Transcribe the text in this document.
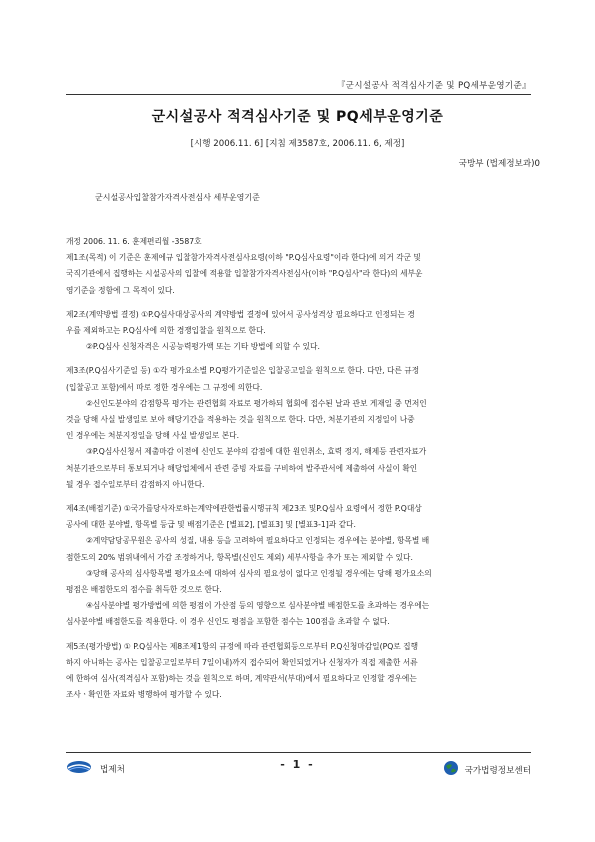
『군시설공사 적격심사기준 및 PQ세부운영기준』
군시설공사 적격심사기준 및 PQ세부운영기준
[시행 2006.11. 6] [지침 제3587호, 2006.11. 6, 제정]
국방부 (법제정보과)0
군시설공사입찰참가자격사전심사 세부운영기준

개정 2006. 11. 6. 훈제편리월 -3587호

제1조(목적) 이 기준은 훈제에규 입찰참가자격사전심사요령(이하 "P.Q심사요령"이라 한다)에 의거 각군 및

국직기관에서 집행하는 시설공사의 입찰에 적용할 입찰참가자격사전심사(이하 "P.Q심사"라 한다)의 세부운

영기준을 정함에 그 목적이 있다.

제2조(계약방법 결정) ①P.Q심사대상공사의 계약방법 결정에 있어서 공사성격상 필요하다고 인정되는 경

우를 제외하고는 P.Q심사에 의한 경쟁입찰을 원칙으로 한다.

②P.Q심사 신청자격은 시공능력평가액 또는 기타 방법에 의할 수 있다.

제3조(P.Q심사기준일 등) ①각 평가요소별 P.Q평가기준일은 입찰공고일을 원칙으로 한다. 다만, 다른 규정

(입찰공고 포함)에서 따로 정한 경우에는 그 규정에 의한다.

②신인도분야의 감점항목 평가는 관련협회 자료로 평가하되 협회에 접수된 날과 관보 게재일 중 먼저인

것을 당해 사실 발생일로 보아 해당기간을 적용하는 것을 원칙으로 한다. 다만, 처분기관의 지정일이 나중

인 경우에는 처분지정일을 당해 사실 발생일로 본다.

③P.Q심사신청서 제출마감 이전에 신인도 분야의 감점에 대한 원인취소, 효력 정지, 해제등 관련자료가

처분기관으로부터 통보되거나 해당업체에서 관련 증빙 자료를 구비하여 발주관서에 제출하여 사실이 확인

될 경우 접수일로부터 감점하지 아니한다.

제4조(배점기준) ①국가를당사자로하는계약에관한법률시행규칙 제23조 및P.Q심사 요령에서 정한 P.Q대상

공사에 대한 분야별, 항목별 등급 및 배점기준은 [별표2], [별표3] 및 [별표3-1]과 같다.

②계약담당공무원은 공사의 성질, 내용 등을 고려하여 필요하다고 인정되는 경우에는 분야별, 항목별 배

점한도의 20% 범위내에서 가감 조정하거나, 항목별(신인도 제외) 세부사항을 추가 또는 제외할 수 있다.

③당해 공사의 심사항목별 평가요소에 대하여 심사의 필요성이 없다고 인정될 경우에는 당해 평가요소의

평점은 배점한도의 점수를 취득한 것으로 한다.

④심사분야별 평가방법에 의한 평점이 가산점 등의 영향으로 심사분야별 배점한도를 초과하는 경우에는

심사분야별 배점한도를 적용한다. 이 경우 신인도 평점을 포함한 점수는 100점을 초과할 수 없다.

제5조(평가방법) ① P.Q심사는 제8조제1항의 규정에 따라 관련협회등으로부터 P.Q신청마감일(PQ로 집행

하지 아니하는 공사는 입찰공고일로부터 7일이내)까지 접수되어 확인되었거나 신청자가 직접 제출한 서류

에 한하여 심사(적격심사 포함)하는 것을 원칙으로 하며, 계약관서(부대)에서 필요하다고 인정할 경우에는

조사ㆍ확인한 자료와 병행하여 평가할 수 있다.

법제처	- 1 -	국가법령정보센터
